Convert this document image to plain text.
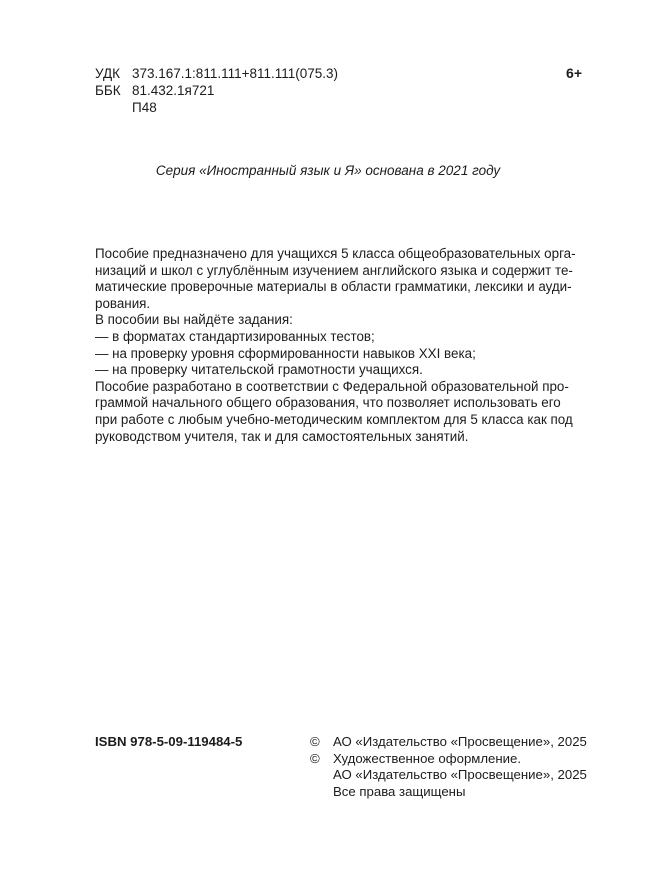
УДК 373.167.1:811.111+811.111(075.3)
ББК 81.432.1я721
П48
6+
Серия «Иностранный язык и Я» основана в 2021 году
Пособие предназначено для учащихся 5 класса общеобразовательных орга-
низаций и школ с углублённым изучением английского языка и содержит те-
матические проверочные материалы в области грамматики, лексики и ауди-
рования.
В пособии вы найдёте задания:
— в форматах стандартизированных тестов;
— на проверку уровня сформированности навыков XXI века;
— на проверку читательской грамотности учащихся.
Пособие разработано в соответствии с Федеральной образовательной про-
граммой начального общего образования, что позволяет использовать его
при работе с любым учебно-методическим комплектом для 5 класса как под
руководством учителя, так и для самостоятельных занятий.
ISBN 978-5-09-119484-5	©	АО «Издательство «Просвещение», 2025
©	Художественное оформление.
АО «Издательство «Просвещение», 2025
Все права защищены
